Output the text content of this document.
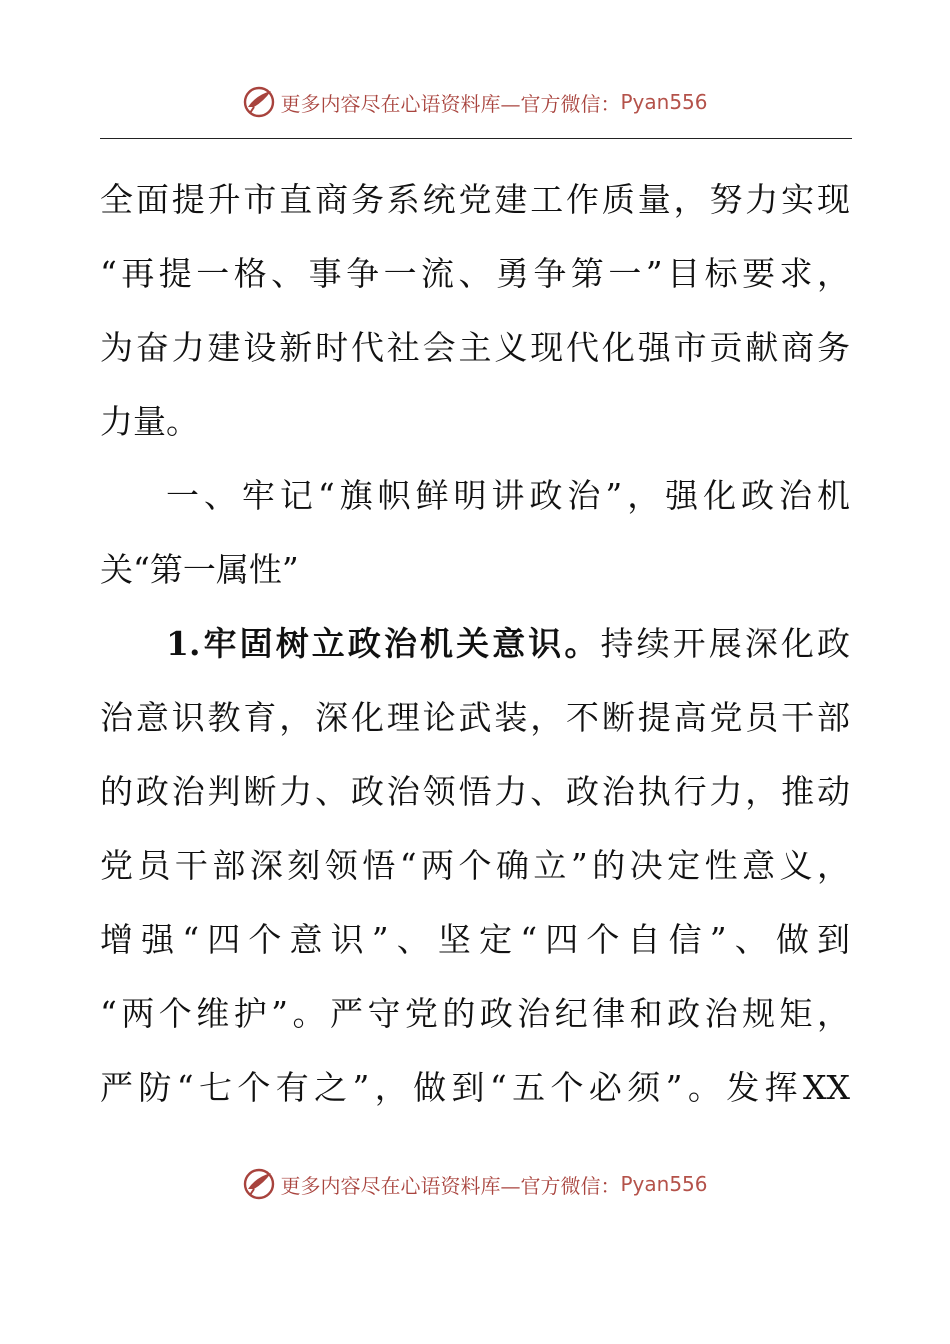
更多内容尽在心语资料库—官方微信： Pyan556
全面提升市直商务系统党建工作质量，努力实现
“再提一格、事争一流、勇争第一”目标要求，
为奋力建设新时代社会主义现代化强市贡献商务
力量。
一、牢记“旗帜鲜明讲政治”，强化政治机
关“第一属性”
1.牢固树立政治机关意识。持续开展深化政
治意识教育，深化理论武装，不断提高党员干部
的政治判断力、政治领悟力、政治执行力，推动
党员干部深刻领悟“两个确立”的决定性意义，
增强“四个意识”、坚定“四个自信”、做到
“两个维护”。严守党的政治纪律和政治规矩，
严防“七个有之”，做到“五个必须”。发挥XX
更多内容尽在心语资料库—官方微信： Pyan556
